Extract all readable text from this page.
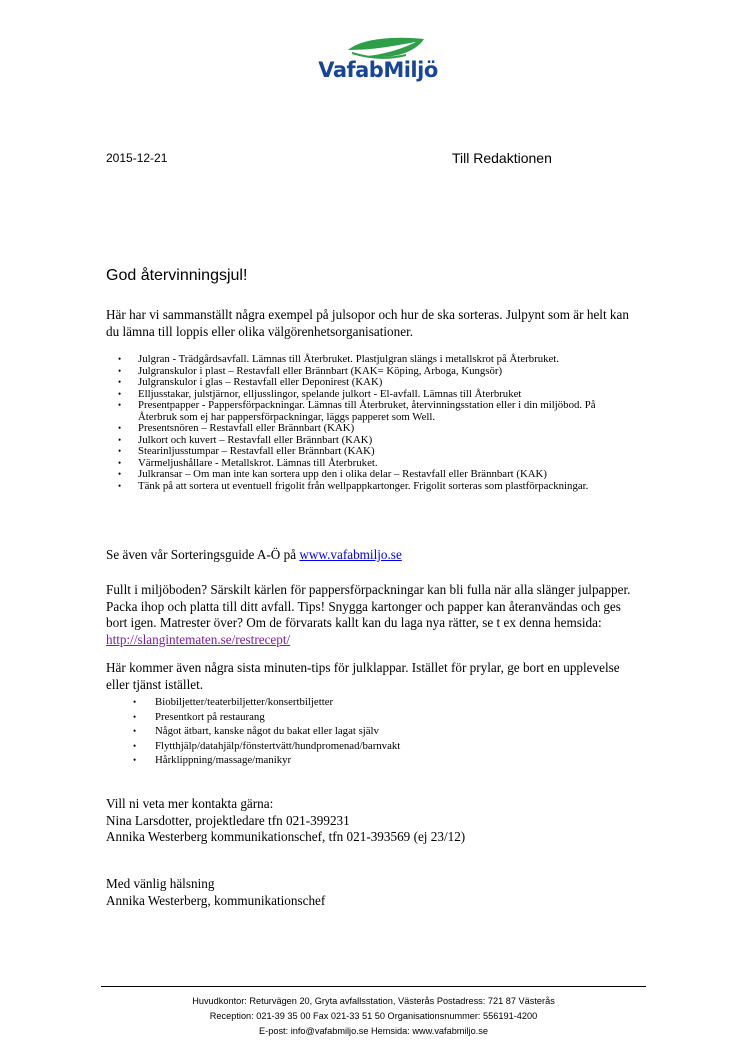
VafabMiljö
2015-12-21	Till Redaktionen
God återvinningsjul!

Här har vi sammanställt några exempel på julsopor och hur de ska sorteras. Julpynt som är helt kan du lämna till loppis eller olika välgörenhetsorganisationer.

• Julgran - Trädgårdsavfall. Lämnas till Återbruket. Plastjulgran slängs i metallskrot på Återbruket.
• Julgranskulor i plast – Restavfall eller Brännbart (KAK= Köping, Arboga, Kungsör)
• Julgranskulor i glas – Restavfall eller Deponirest (KAK)
• Elljusstakar, julstjärnor, elljusslingor, spelande julkort - El-avfall. Lämnas till Återbruket
• Presentpapper - Pappersförpackningar. Lämnas till Återbruket, återvinningsstation eller i din miljöbod. På Återbruk som ej har pappersförpackningar, läggs papperet som Well.
• Presentsnören – Restavfall eller Brännbart (KAK)
• Julkort och kuvert – Restavfall eller Brännbart (KAK)
• Stearinljusstumpar – Restavfall eller Brännbart (KAK)
• Värmeljushållare - Metallskrot. Lämnas till Återbruket.
• Julkransar – Om man inte kan sortera upp den i olika delar – Restavfall eller Brännbart (KAK)
• Tänk på att sortera ut eventuell frigolit från wellpappkartonger. Frigolit sorteras som plastförpackningar.

Se även vår Sorteringsguide A-Ö på www.vafabmiljo.se

Fullt i miljöboden? Särskilt kärlen för pappersförpackningar kan bli fulla när alla slänger julpapper. Packa ihop och platta till ditt avfall. Tips! Snygga kartonger och papper kan återanvändas och ges bort igen. Matrester över? Om de förvarats kallt kan du laga nya rätter, se t ex denna hemsida: http://slangintematen.se/restrecept/

Här kommer även några sista minuten-tips för julklappar. Istället för prylar, ge bort en upplevelse eller tjänst istället.

• Biobiljetter/teaterbiljetter/konsertbiljetter
• Presentkort på restaurang
• Något ätbart, kanske något du bakat eller lagat själv
• Flytthjälp/datahjälp/fönstertvätt/hundpromenad/barnvakt
• Hårklippning/massage/manikyr
Vill ni veta mer kontakta gärna:
Nina Larsdotter, projektledare tfn 021-399231
Annika Westerberg kommunikationschef, tfn 021-393569 (ej 23/12)
Med vänlig hälsning
Annika Westerberg, kommunikationschef
Huvudkontor: Returvägen 20, Gryta avfallsstation, Västerås Postadress: 721 87 Västerås
Reception: 021-39 35 00 Fax 021-33 51 50 Organisationsnummer: 556191-4200
E-post: info@vafabmiljo.se Hemsida: www.vafabmiljo.se
